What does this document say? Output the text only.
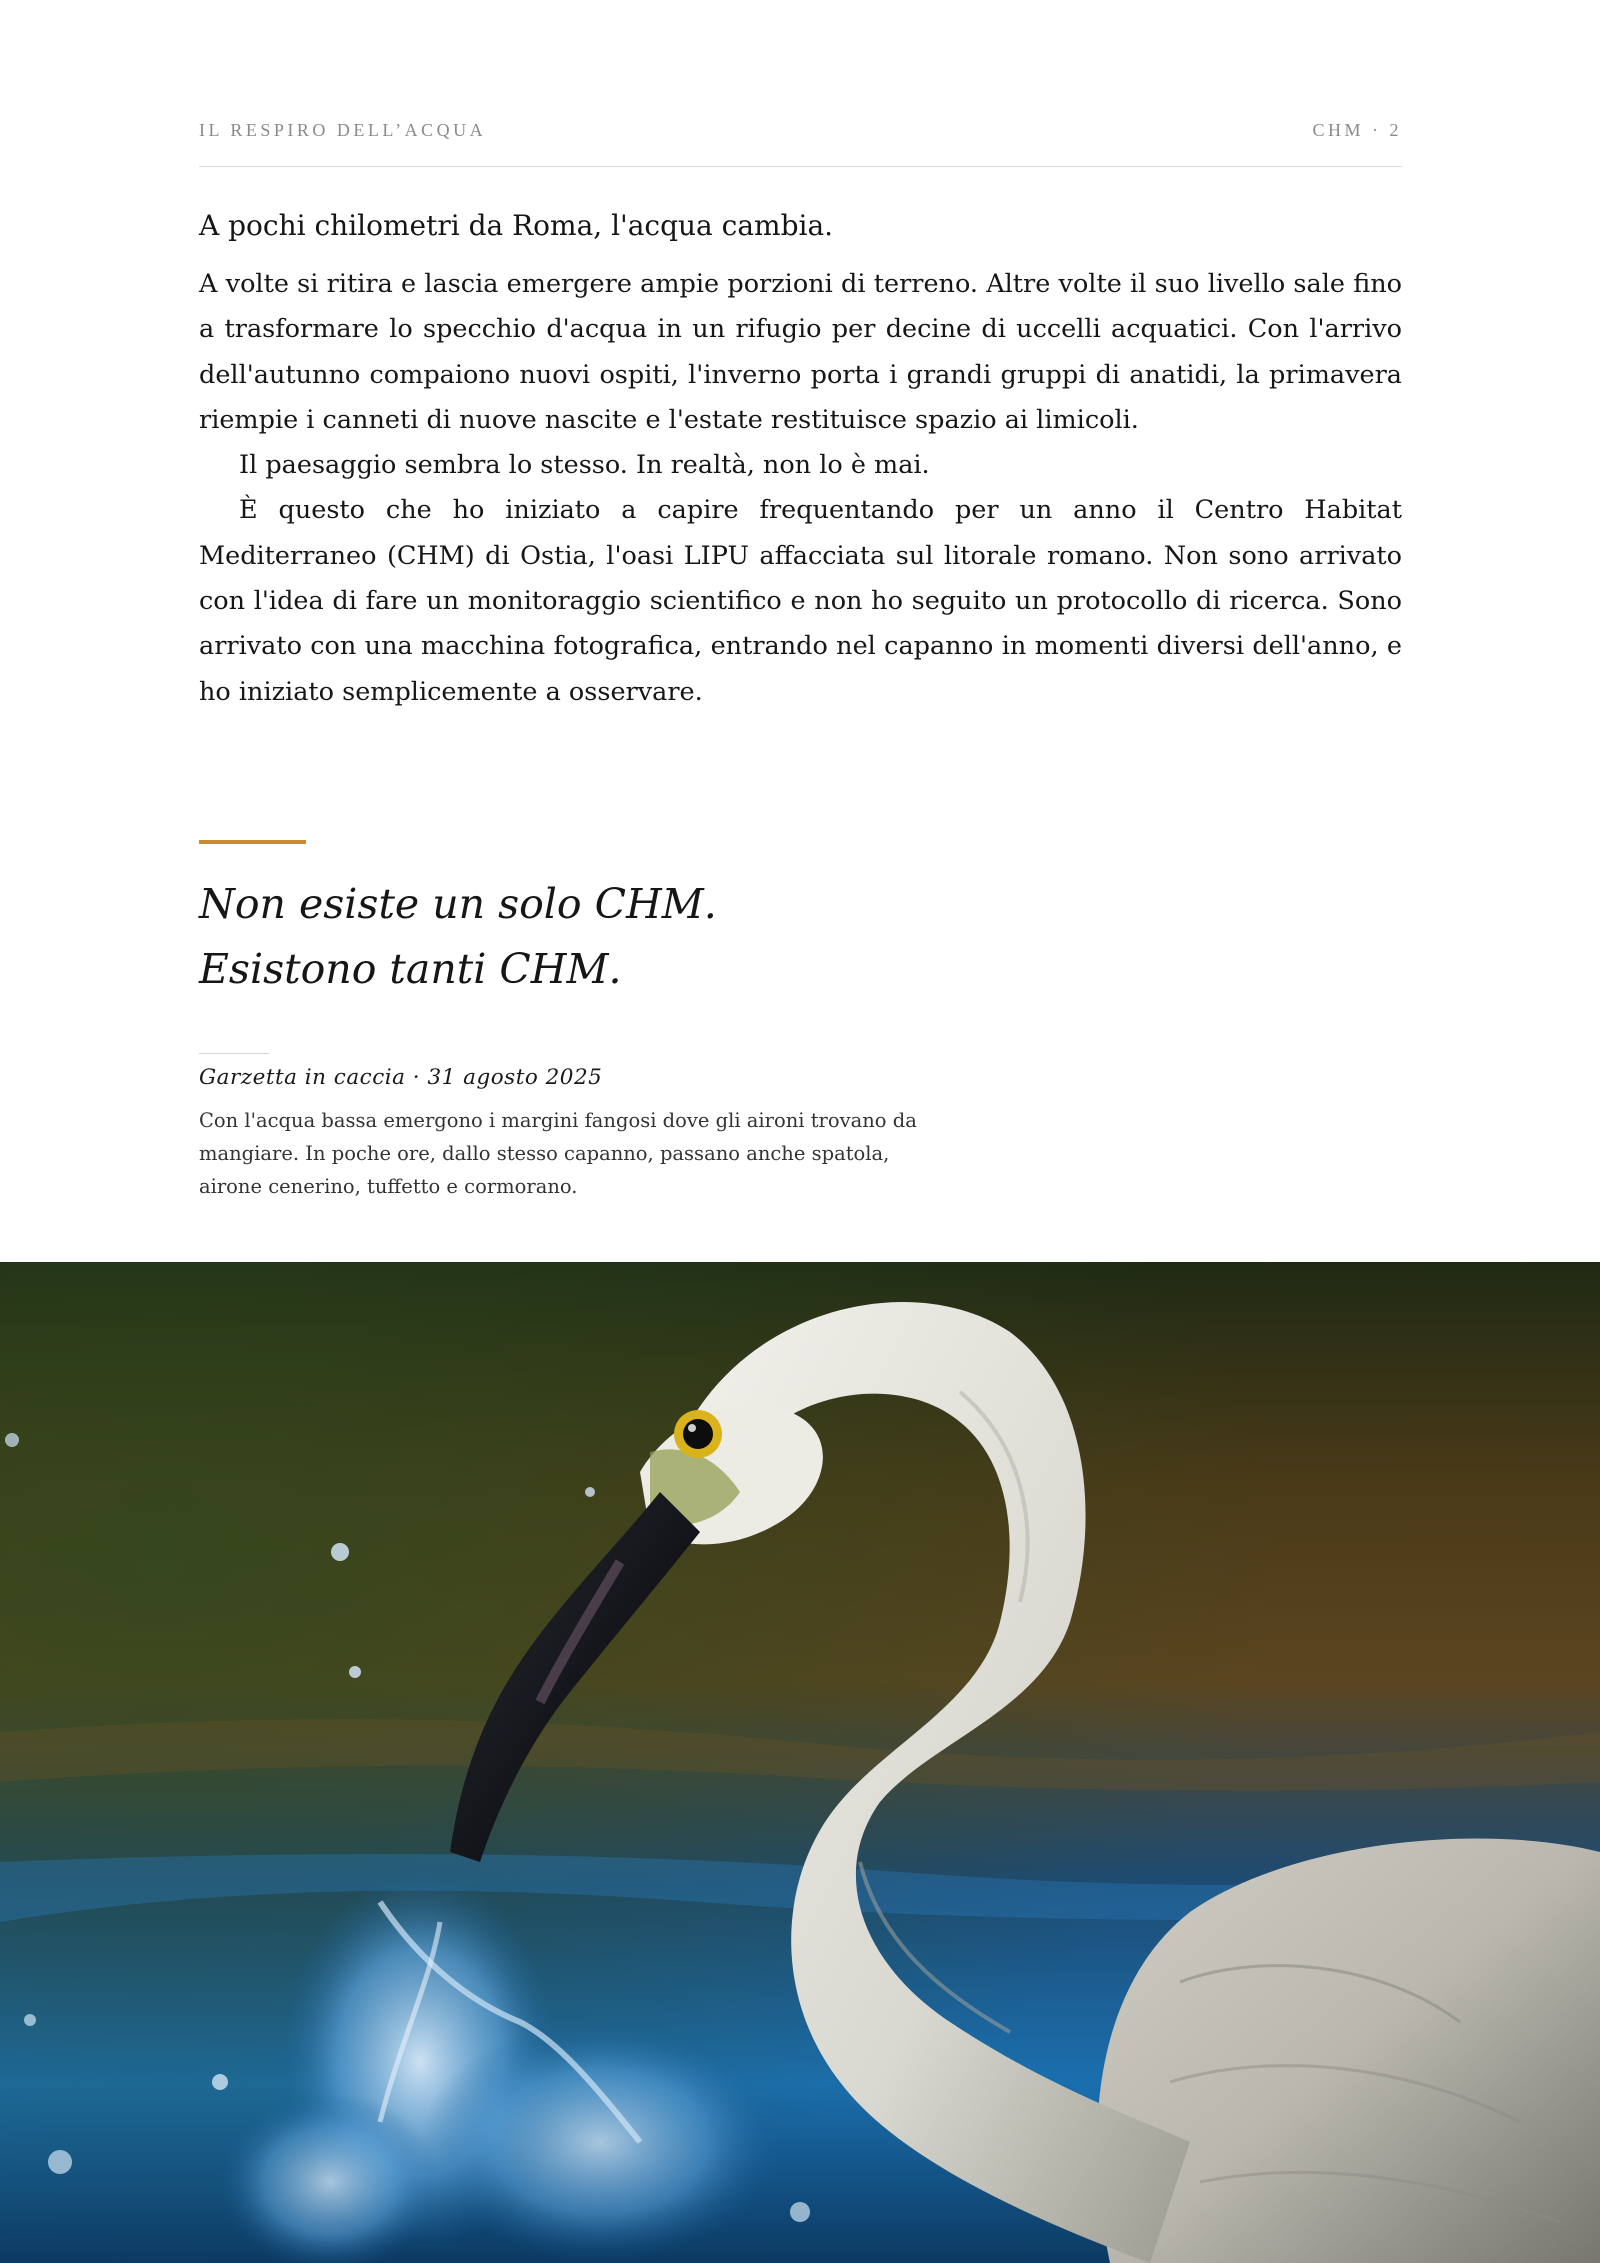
IL RESPIRO DELL’ACQUA	CHM · 2

A pochi chilometri da Roma, l'acqua cambia.

A volte si ritira e lascia emergere ampie porzioni di terreno. Altre volte il suo livello sale fino a trasformare lo specchio d'acqua in un rifugio per decine di uccelli acquatici. Con l'arrivo dell'autunno compaiono nuovi ospiti, l'inverno porta i grandi gruppi di anatidi, la primavera riempie i canneti di nuove nascite e l'estate restituisce spazio ai limicoli.

Il paesaggio sembra lo stesso. In realtà, non lo è mai.

È questo che ho iniziato a capire frequentando per un anno il Centro Habitat Mediterraneo (CHM) di Ostia, l'oasi LIPU affacciata sul litorale romano. Non sono arrivato con l'idea di fare un monitoraggio scientifico e non ho seguito un protocollo di ricerca. Sono arrivato con una macchina fotografica, entrando nel capanno in momenti diversi dell'anno, e ho iniziato semplicemente a osservare.

Non esiste un solo CHM.
Esistono tanti CHM.
Garzetta in caccia · 31 agosto 2025
Con l'acqua bassa emergono i margini fangosi dove gli aironi trovano da mangiare. In poche ore, dallo stesso capanno, passano anche spatola, airone cenerino, tuffetto e cormorano.
